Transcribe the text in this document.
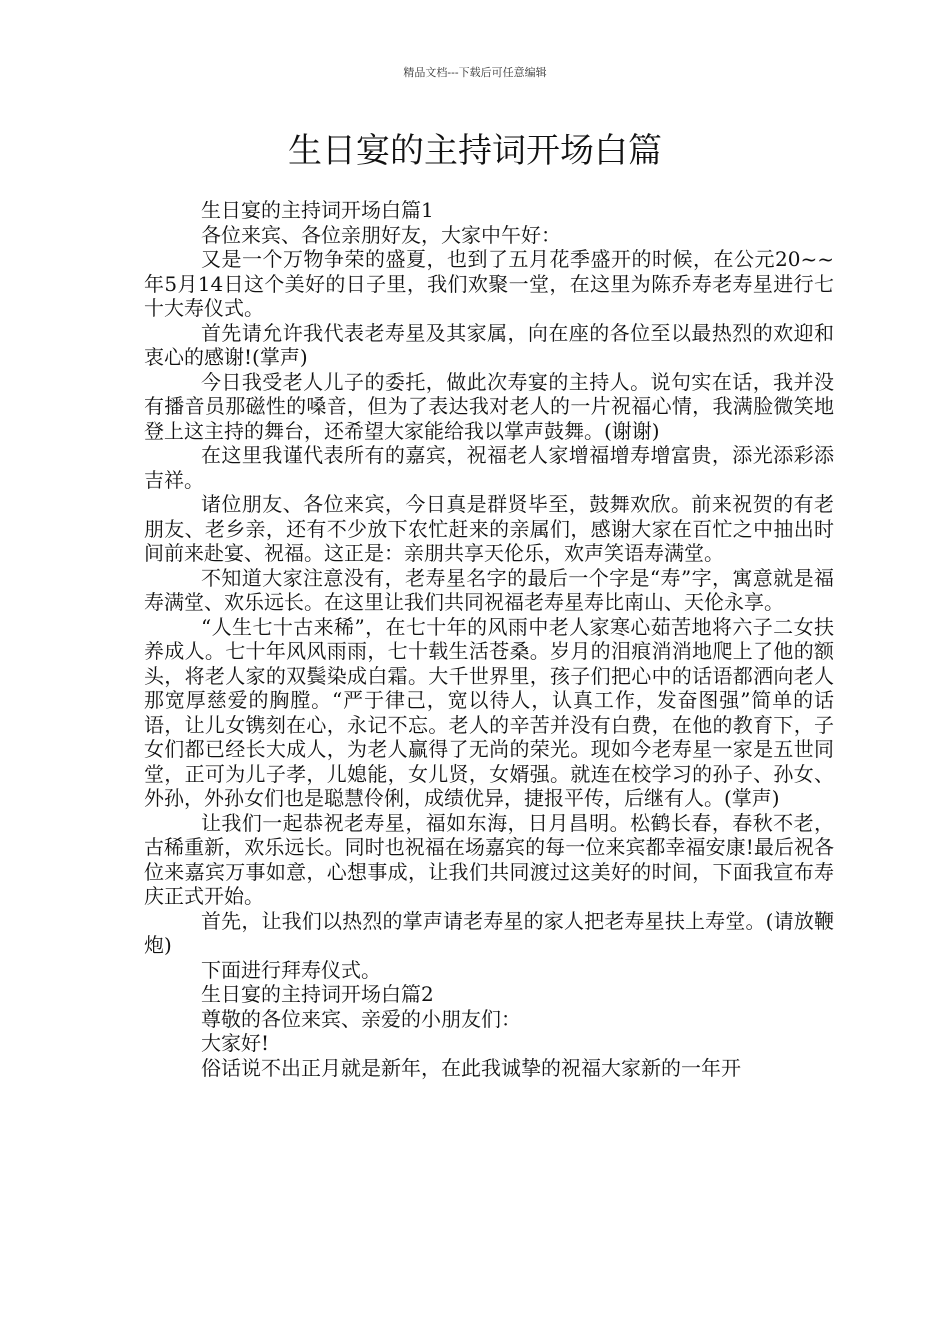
精品文档---下载后可任意编辑
生日宴的主持词开场白篇

生日宴的主持词开场白篇1

各位来宾、各位亲朋好友，大家中午好：

又是一个万物争荣的盛夏，也到了五月花季盛开的时候，在公元20~~年5月14日这个美好的日子里，我们欢聚一堂，在这里为陈乔寿老寿星进行七十大寿仪式。

首先请允许我代表老寿星及其家属，向在座的各位至以最热烈的欢迎和衷心的感谢!(掌声)

今日我受老人儿子的委托，做此次寿宴的主持人。说句实在话，我并没有播音员那磁性的嗓音，但为了表达我对老人的一片祝福心情，我满脸微笑地登上这主持的舞台，还希望大家能给我以掌声鼓舞。(谢谢)

在这里我谨代表所有的嘉宾，祝福老人家增福增寿增富贵，添光添彩添吉祥。

诸位朋友、各位来宾，今日真是群贤毕至，鼓舞欢欣。前来祝贺的有老朋友、老乡亲，还有不少放下农忙赶来的亲属们，感谢大家在百忙之中抽出时间前来赴宴、祝福。这正是：亲朋共享天伦乐，欢声笑语寿满堂。

不知道大家注意没有，老寿星名字的最后一个字是“寿”字，寓意就是福寿满堂、欢乐远长。在这里让我们共同祝福老寿星寿比南山、天伦永享。

“人生七十古来稀”，在七十年的风雨中老人家寒心茹苦地将六子二女扶养成人。七十年风风雨雨，七十载生活苍桑。岁月的泪痕消消地爬上了他的额头，将老人家的双鬓染成白霜。大千世界里，孩子们把心中的话语都洒向老人那宽厚慈爱的胸膛。“严于律己，宽以待人，认真工作，发奋图强”简单的话语，让儿女镌刻在心，永记不忘。老人的辛苦并没有白费，在他的教育下，子女们都已经长大成人，为老人赢得了无尚的荣光。现如今老寿星一家是五世同堂，正可为儿子孝，儿媳能，女儿贤，女婿强。就连在校学习的孙子、孙女、外孙，外孙女们也是聪慧伶俐，成绩优异，捷报平传，后继有人。(掌声)

让我们一起恭祝老寿星，福如东海，日月昌明。松鹤长春，春秋不老，古稀重新，欢乐远长。同时也祝福在场嘉宾的每一位来宾都幸福安康!最后祝各位来嘉宾万事如意，心想事成，让我们共同渡过这美好的时间，下面我宣布寿庆正式开始。

首先，让我们以热烈的掌声请老寿星的家人把老寿星扶上寿堂。(请放鞭炮)

下面进行拜寿仪式。

生日宴的主持词开场白篇2

尊敬的各位来宾、亲爱的小朋友们：

大家好!

俗话说不出正月就是新年，在此我诚挚的祝福大家新的一年开
